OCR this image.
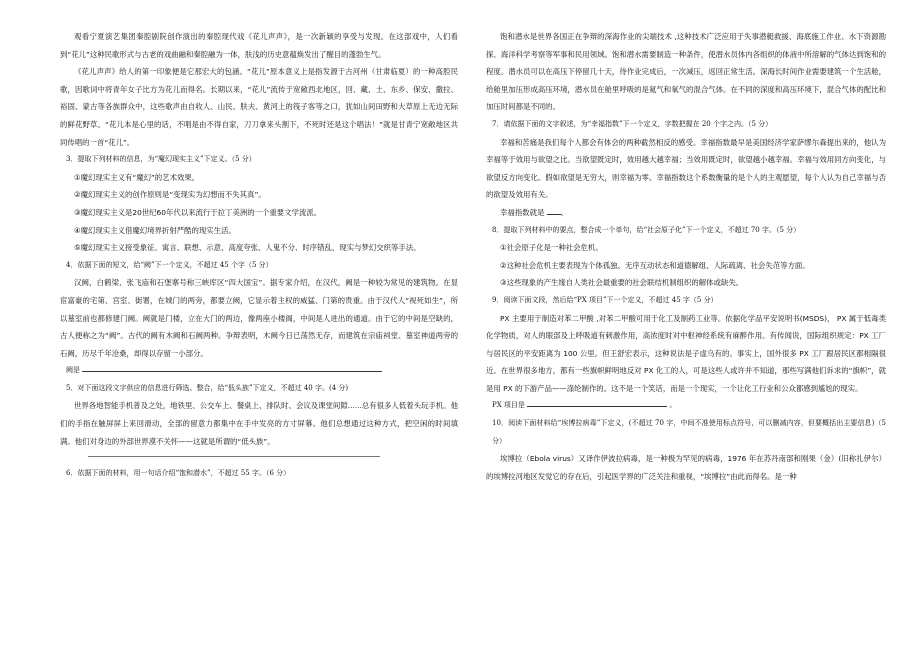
观看宁夏演艺集团秦腔剧院创作演出的秦腔现代戏《花儿声声》，是一次新颖的享受与发现。在这部戏中，人们看到“花儿”这种民歌形式与古老的戏曲融和秦腔融为一体，肤浅的历史意蕴焕发出了醒目的蓬勃生气。

《花儿声声》给人的第一印象便是它那宏大的包涵。“花儿”原本意义上是指发源于古河州（甘肃临夏）的一种高腔民歌，因歌词中将青年女子比方为花儿而得名。长期以来，“花儿”流传于宽敞西北地区，回、藏、土、东乡、保安、撒拉、裕固、蒙古等各族群众中，这些歌声由自收人、山民、肤夫、黄河上的筏子客等之口，犹如山间田野和大草原上无边无际的鲜花野草。“花儿本是心里的话，不唱是由不得自家，刀刀拿来头割下，不死时还是这个唱法！”就是甘青宁宽敞地区共同传唱的一首“花儿”。

3．提取下列材料的信息，为“魔幻现实主义”下定义。（5 分）

①魔幻现实主义有“魔幻”的艺术效果。

②魔幻现实主义的创作原则是“变现实为幻想而不失其真”。

③魔幻现实主义是20世纪60年代以来流行于拉丁美洲的一个重要文学流派。

④魔幻现实主义借魔幻境界折射严酷的现实生活。

⑤魔幻现实主义接受象征、寓言、联想、示意、高度夸张、人鬼不分、时序错乱、现实与梦幻交织等手法。

4．依据下面的短文，给“阙”下一个定义，不超过 45 个字（5 分）

汉阙，白鹤梁、张飞庙和石堡寨号称三峡库区“四大国宝”。据专家介绍，在汉代，阙是一种较为常见的建筑物。在显宦富豪的宅第、宫室、街署，在城门的两旁，都要立阙，它显示着主权的威猛、门第的贵重。由于汉代人“视死如生”，所以墓室前也都修建门阙。阙就是门楼，立在大门的两边，像两座小楼阁，中间是人进出的通道。由于它的中间是空缺的，古人便称之为“阙”。古代的阙有木阙和石阙两种。争辩表明，木阙今日已荡然无存，而建筑在宗庙祠堂、墓室神道两旁的石阙，历尽千年沧桑，却得以存留一小部分。

阙是

5．对下面这段文字供应的信息进行筛选、整合，给“低头族”下定义，不超过 40 字。(4 分)

世界各地智能手机普及之处，地铁里、公交车上、餐桌上、排队时、会议及课堂间隙......总有很多人低着头玩手机。他们的手指在触屏屏上来回滑动，全部的留意力都集中在手中发亮的方寸屏幕。他们总想通过这种方式，把空闲的时间填满。他们对身边的外部世界漠不关怀——这就是所谓的“低头族”。

6．依据下面的材料，用一句话介绍“饱和潜水”，不超过 55 字。（6 分）

饱和潜水是世界各国正在争辩的深海作业的尖端技术 ,这种技术广泛应用于失事潜艇救援、海底施工作业、水下资源勘探、海洋科学考察等军事和民用领域。饱和潜水需要制造一种条件，使潜水员体内各组织的体液中所溶解的气体达到饱和的程度。潜水员可以在高压下停留几十天，待作业完成后，一次减压，返回正常生活。深海长时间作业需要建筑一个生活舱，给舱里加压形成高压环境，潜水员在舱里呼吸的是氦气和氧气的混合气体。在不同的深度和高压环境下，混合气体的配比和加压时间都是不同的。

7．请依据下面的文字叙述，为“幸福指数”下一个定义，字数把握在 20 个字之内。（5 分）

幸福和苦痛是我们每个人都会有体会的两种截然相反的感受。幸福指数最早是美国经济学家萨缪尔森提出来的，他认为幸福等于效用与欲望之比。当欲望既定时，效用越大越幸福；当效用既定时，欲望越小越幸福。幸福与效用同方向变化，与欲望反方向变化。假如欲望是无穷大，则幸福为零。幸福指数这个系数衡量的是个人的主观愿望，每个人认为自己幸福与否的欲望及效用有关。

幸福指数就是 。

8．提取下列材料中的要点，整合成一个单句，给“社会原子化”下一个定义，不超过 70 字。（5 分）

①社会原子化是一种社会危机。

②这种社会危机主要表现为个体孤独、无序互动状态和道德解组、人际疏离、社会失范等方面。

③这些现象的产生缘自人类社会最重要的社会联结机制组织的解体或缺失。

9．阅读下面文段，然后给“PX 项目”下一个定义，不超过 45 字（5 分）

PX 主要用于制造对苯二甲酸 ,对苯二甲酸可用于化工及制药工业等。依据化学品平安说明书(MSDS)， PX 属于低毒类化学物质，对人的眼部及上呼吸道有刺激作用，高浓度时对中枢神经系统有麻醉作用。有传闻说，国际组织规定：PX 工厂与居民区的平安距离为 100 公里。但王舒宏表示，这种说法是子虚乌有的。事实上，国外很多 PX 工厂跟居民区都相隔很近。在世界很多地方，都有一些旗帜鲜明地反对 PX 化工的人，可是这些人或许并不知道，那些写满他们诉求的“旗帜”，就是用 PX 的下游产品——涤纶制作的。这不是一个笑话，而是一个现实，一个让化工行业和公众都感到尴尬的现实。

PX 项目是	。

10．阅读下面材料给“埃博拉病毒”下定义，(不超过 70 字，中间不准使用标点符号，可以删减内容，但要概括出主要信息)（5 分）

埃博拉（Ebola virus）又译作伊波拉病毒，是一种极为罕见的病毒，1976 年在苏丹南部和刚果（金）(旧称扎伊尔）的埃博拉河地区发觉它的存在后，引起医学界的广泛关注和重视，“埃博拉”由此而得名。是一种
